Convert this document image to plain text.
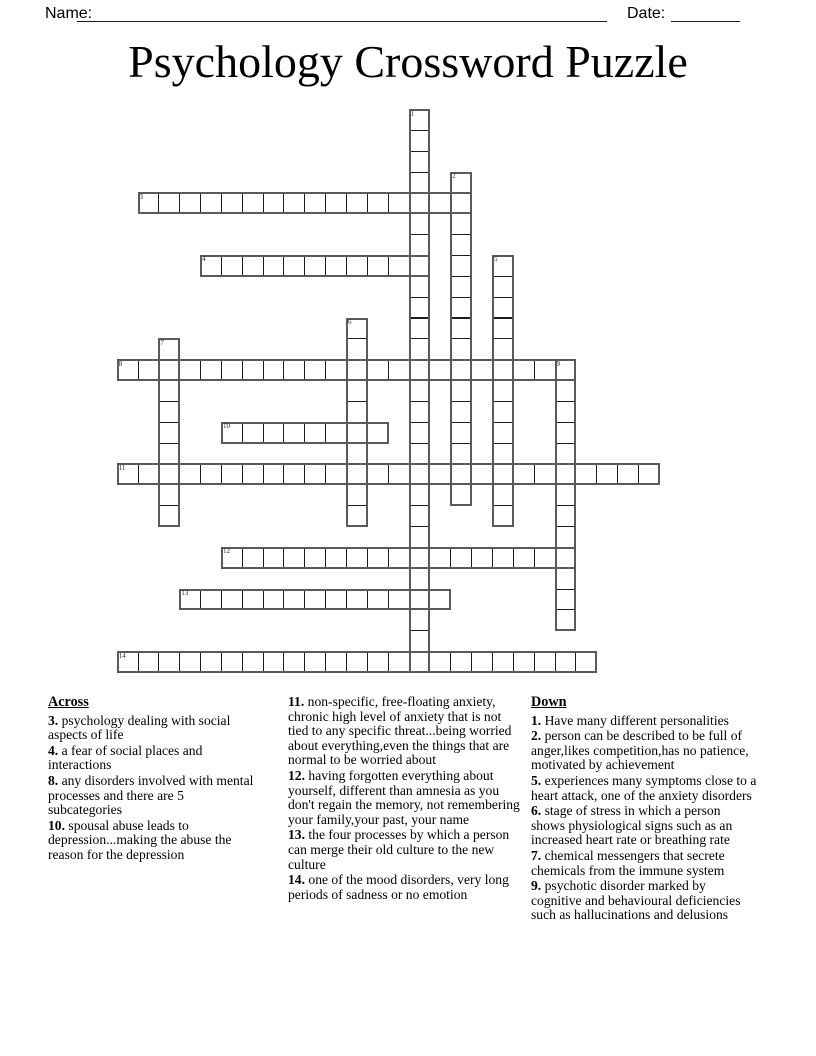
Name:	Date:
Psychology Crossword Puzzle
1
2
3
4	5
6
7
8	9
10
11
12
13
14

Across

3. psychology dealing with social aspects of life

4. a fear of social places and interactions

8. any disorders involved with mental processes and there are 5 subcategories

10. spousal abuse leads to depression...making the abuse the reason for the depression

11. non-specific, free-floating anxiety, chronic high level of anxiety that is not tied to any specific threat...being worried about everything,even the things that are normal to be worried about

12. having forgotten everything about yourself, different than amnesia as you don't regain the memory, not remembering your family,your past, your name

13. the four processes by which a person can merge their old culture to the new culture

14. one of the mood disorders, very long periods of sadness or no emotion

Down

1. Have many different personalities

2. person can be described to be full of anger,likes competition,has no patience, motivated by achievement

5. experiences many symptoms close to a heart attack, one of the anxiety disorders

6. stage of stress in which a person shows physiological signs such as an increased heart rate or breathing rate

7. chemical messengers that secrete chemicals from the immune system

9. psychotic disorder marked by cognitive and behavioural deficiencies such as hallucinations and delusions
